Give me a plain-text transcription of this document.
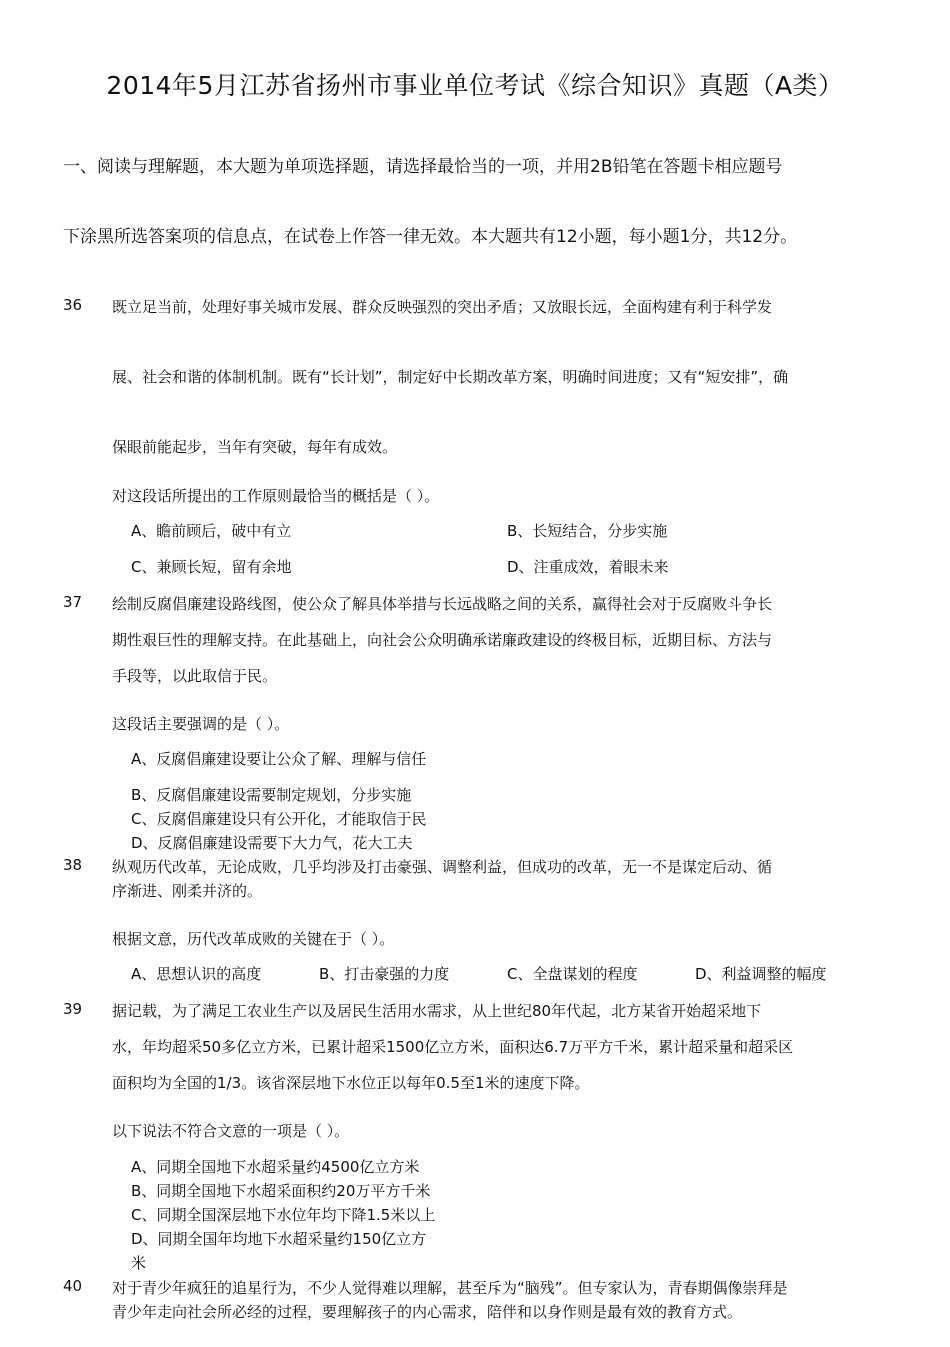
2014年5月江苏省扬州市事业单位考试《综合知识》真题（A类）
一、阅读与理解题，本大题为单项选择题，请选择最恰当的一项，并用2B铅笔在答题卡相应题号
下涂黑所选答案项的信息点，在试卷上作答一律无效。本大题共有12小题，每小题1分，共12分。
36 既立足当前，处理好事关城市发展、群众反映强烈的突出矛盾；又放眼长远，全面构建有利于科学发
展、社会和谐的体制机制。既有“长计划”，制定好中长期改革方案，明确时间进度；又有“短安排”，确
保眼前能起步，当年有突破，每年有成效。
对这段话所提出的工作原则最恰当的概括是（ ）。
A、瞻前顾后，破中有立	B、长短结合，分步实施
C、兼顾长短，留有余地	D、注重成效，着眼未来
37 绘制反腐倡廉建设路线图，使公众了解具体举措与长远战略之间的关系，赢得社会对于反腐败斗争长
期性艰巨性的理解支持。在此基础上，向社会公众明确承诺廉政建设的终极目标，近期目标、方法与
手段等，以此取信于民。
这段话主要强调的是（ ）。
A、反腐倡廉建设要让公众了解、理解与信任
B、反腐倡廉建设需要制定规划，分步实施
C、反腐倡廉建设只有公开化，才能取信于民
D、反腐倡廉建设需要下大力气，花大工夫
38 纵观历代改革，无论成败，几乎均涉及打击豪强、调整利益，但成功的改革，无一不是谋定后动、循
序渐进、刚柔并济的。
根据文意，历代改革成败的关键在于（ ）。
A、思想认识的高度	B、打击豪强的力度	C、全盘谋划的程度	D、利益调整的幅度
39 据记载，为了满足工农业生产以及居民生活用水需求，从上世纪80年代起，北方某省开始超采地下
水，年均超采50多亿立方米，已累计超采1500亿立方米，面积达6.7万平方千米，累计超采量和超采区
面积均为全国的1/3。该省深层地下水位正以每年0.5至1米的速度下降。
以下说法不符合文意的一项是（ ）。
A、同期全国地下水超采量约4500亿立方米
B、同期全国地下水超采面积约20万平方千米
C、同期全国深层地下水位年均下降1.5米以上
D、同期全国年均地下水超采量约150亿立方
米
40 对于青少年疯狂的追星行为，不少人觉得难以理解，甚至斥为“脑残”。但专家认为，青春期偶像崇拜是
青少年走向社会所必经的过程，要理解孩子的内心需求，陪伴和以身作则是最有效的教育方式。
